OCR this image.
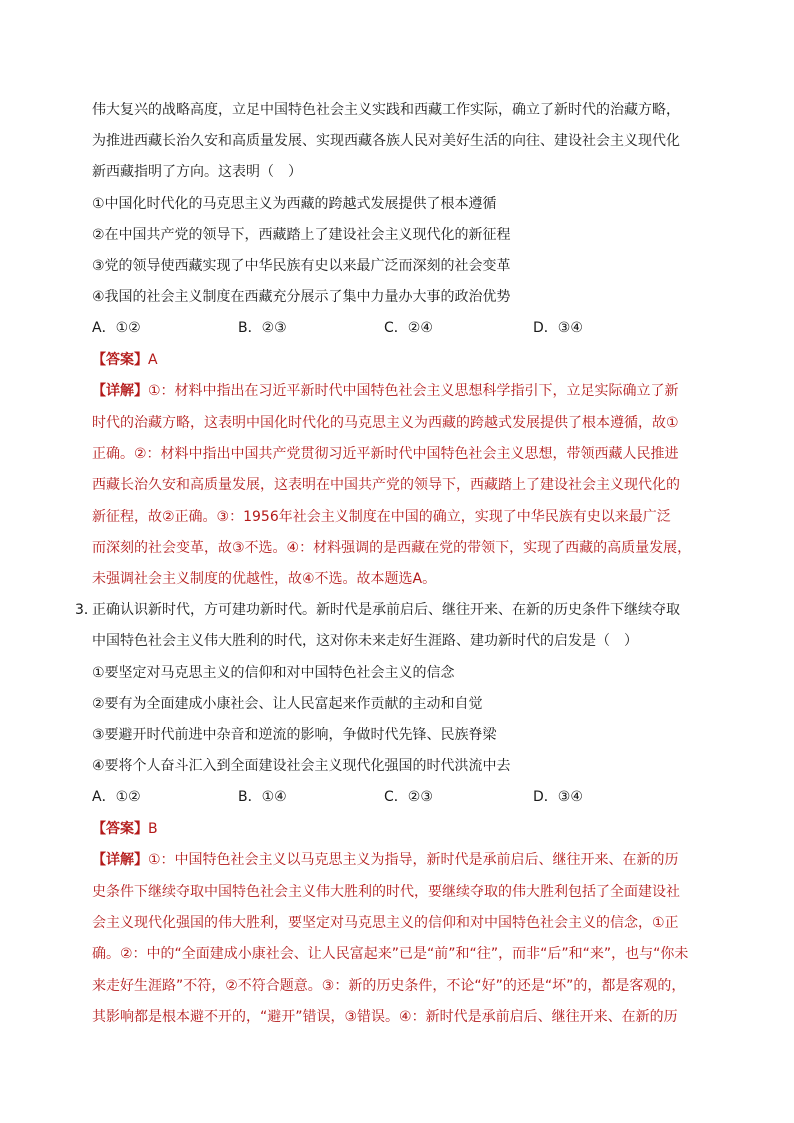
伟大复兴的战略高度，立足中国特色社会主义实践和西藏工作实际，确立了新时代的治藏方略，
为推进西藏长治久安和高质量发展、实现西藏各族人民对美好生活的向往、建设社会主义现代化
新西藏指明了方向。这表明（　）
①中国化时代化的马克思主义为西藏的跨越式发展提供了根本遵循
②在中国共产党的领导下，西藏踏上了建设社会主义现代化的新征程
③党的领导使西藏实现了中华民族有史以来最广泛而深刻的社会变革
④我国的社会主义制度在西藏充分展示了集中力量办大事的政治优势
A．①②	B．②③	C．②④	D．③④
【答案】A
【详解】①：材料中指出在习近平新时代中国特色社会主义思想科学指引下，立足实际确立了新
时代的治藏方略，这表明中国化时代化的马克思主义为西藏的跨越式发展提供了根本遵循，故①
正确。②：材料中指出中国共产党贯彻习近平新时代中国特色社会主义思想，带领西藏人民推进
西藏长治久安和高质量发展，这表明在中国共产党的领导下，西藏踏上了建设社会主义现代化的
新征程，故②正确。③：1956年社会主义制度在中国的确立，实现了中华民族有史以来最广泛
而深刻的社会变革，故③不选。④：材料强调的是西藏在党的带领下，实现了西藏的高质量发展，
未强调社会主义制度的优越性，故④不选。故本题选A。
3．
正确认识新时代，方可建功新时代。新时代是承前启后、继往开来、在新的历史条件下继续夺取
中国特色社会主义伟大胜利的时代，这对你未来走好生涯路、建功新时代的启发是（　）
①要坚定对马克思主义的信仰和对中国特色社会主义的信念
②要有为全面建成小康社会、让人民富起来作贡献的主动和自觉
③要避开时代前进中杂音和逆流的影响，争做时代先锋、民族脊梁
④要将个人奋斗汇入到全面建设社会主义现代化强国的时代洪流中去
A．①②	B．①④	C．②③	D．③④
【答案】B
【详解】①：中国特色社会主义以马克思主义为指导，新时代是承前启后、继往开来、在新的历
史条件下继续夺取中国特色社会主义伟大胜利的时代，要继续夺取的伟大胜利包括了全面建设社
会主义现代化强国的伟大胜利，要坚定对马克思主义的信仰和对中国特色社会主义的信念，①正
确。②：中的“全面建成小康社会、让人民富起来”已是“前”和“往”，而非“后”和“来”，也与“你未
来走好生涯路”不符，②不符合题意。③：新的历史条件，不论“好”的还是“坏”的，都是客观的，
其影响都是根本避不开的，“避开”错误，③错误。④：新时代是承前启后、继往开来、在新的历
